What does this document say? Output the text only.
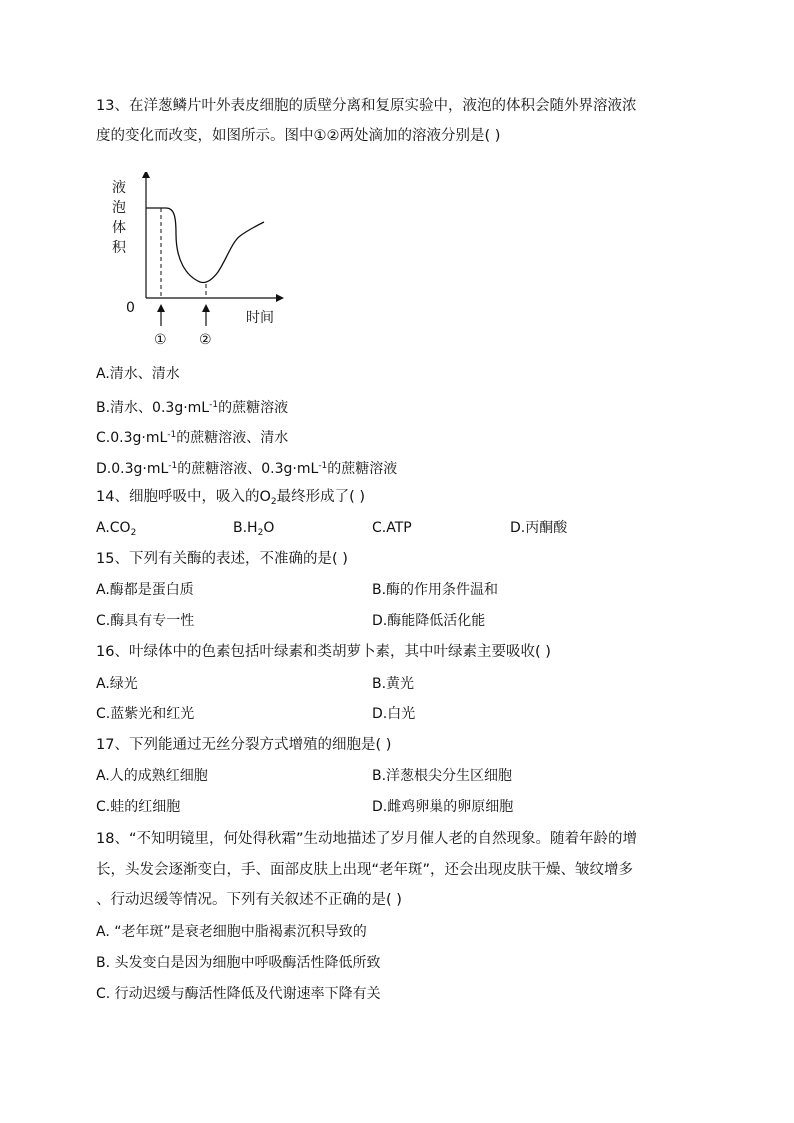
13、在洋葱鳞片叶外表皮细胞的质壁分离和复原实验中，液泡的体积会随外界溶液浓
度的变化而改变，如图所示。图中①②两处滴加的溶液分别是( )
液
泡
体
积
0
时间
① ②
A.清水、清水
B.清水、$0.3g\cdot mL^{-1}$的蔗糖溶液
$C.0.3g\cdot mL^{-1}$的蔗糖溶液、清水
$D.0.3g\cdot mL^{-1}$的蔗糖溶液、$0.3g\cdot mL^{-1}$的蔗糖溶液
14、细胞呼吸中，吸入的$O_2$最终形成了( )
$A.CO_2$	$B.H_2O$	C.ATP	D.丙酮酸
15、下列有关酶的表述，不准确的是( )
A.酶都是蛋白质	B.酶的作用条件温和
C.酶具有专一性	D.酶能降低活化能
16、叶绿体中的色素包括叶绿素和类胡萝卜素，其中叶绿素主要吸收( )
A.绿光	B.黄光
C.蓝紫光和红光	D.白光
17、下列能通过无丝分裂方式增殖的细胞是( )
A.人的成熟红细胞	B.洋葱根尖分生区细胞
C.蛙的红细胞	D.雌鸡卵巢的卵原细胞
18、“不知明镜里，何处得秋霜”生动地描述了岁月催人老的自然现象。随着年龄的增
长，头发会逐渐变白，手、面部皮肤上出现“老年斑”，还会出现皮肤干燥、皱纹增多
、行动迟缓等情况。下列有关叙述不正确的是( )
A. “老年斑”是衰老细胞中脂褐素沉积导致的
B. 头发变白是因为细胞中呼吸酶活性降低所致
C. 行动迟缓与酶活性降低及代谢速率下降有关
